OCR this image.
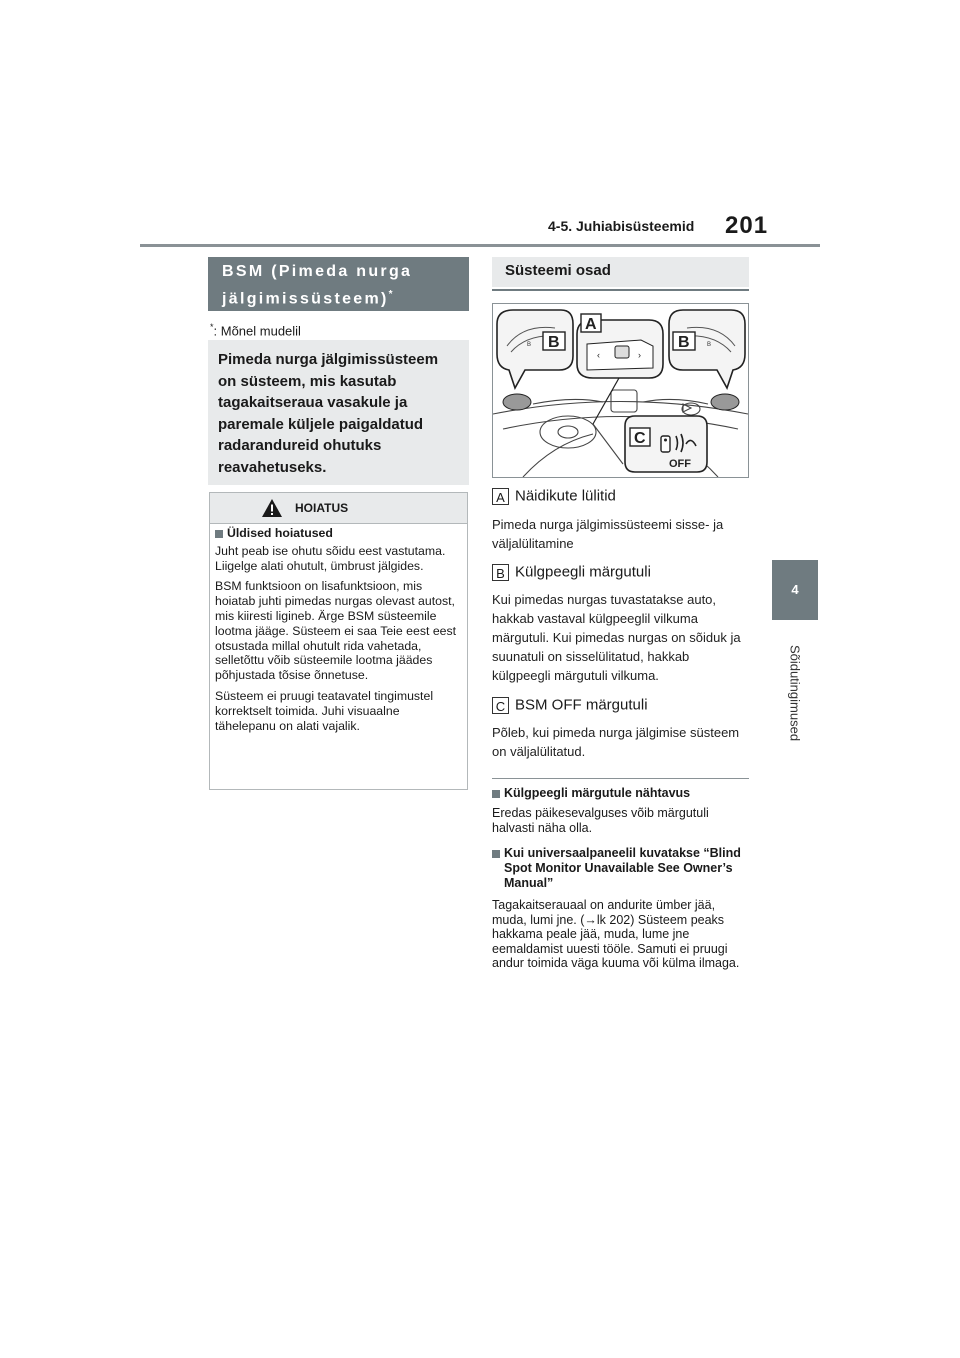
4-5. Juhiabisüsteemid 201
4
Sõidutingimused
BSM (Pimeda nurga jälgimissüsteem)*
*: Mõnel mudelil
Pimeda nurga jälgimissüsteem on süsteem, mis kasutab tagakaitseraua vasakule ja paremale küljele paigaldatud radarandureid ohutuks reavahetuseks.
HOIATUS

Üldised hoiatused

Juht peab ise ohutu sõidu eest vastutama. Liigelge alati ohutult, ümbrust jälgides.

BSM funktsioon on lisafunktsioon, mis hoiatab juhti pimedas nurgas olevast autost, mis kiiresti ligineb. Ärge BSM süsteemile lootma jääge. Süsteem ei saa Teie eest eest otsustada millal ohutult rida vahetada, selletõttu võib süsteemile lootma jäädes põhjustada tõsise õnnetuse.

Süsteem ei pruugi teatavatel tingimustel korrektselt toimida. Juhi visuaalne tähelepanu on alati vajalik.

Süsteemi osad
B	B
‹	›
A
B	B
C
OFF
A Näidikute lülitid
Pimeda nurga jälgimissüsteemi sisse- ja väljalülitamine
B Külgpeegli märgutuli
Kui pimedas nurgas tuvastatakse auto, hakkab vastaval külgpeeglil vilkuma märgutuli. Kui pimedas nurgas on sõiduk ja suunatuli on sisselülitatud, hakkab külgpeegli märgutuli vilkuma.
C BSM OFF märgutuli
Põleb, kui pimeda nurga jälgimise süsteem on väljalülitatud.
Külgpeegli märgutule nähtavus
Eredas päikesevalguses võib märgutuli halvasti näha olla.
Kui universaalpaneelil kuvatakse “Blind Spot Monitor Unavailable See Owner’s Manual”
Tagakaitserauaal on andurite ümber jää, muda, lumi jne. (→lk 202) Süsteem peaks hakkama peale jää, muda, lume jne eemaldamist uuesti tööle. Samuti ei pruugi andur toimida väga kuuma või külma ilmaga.
